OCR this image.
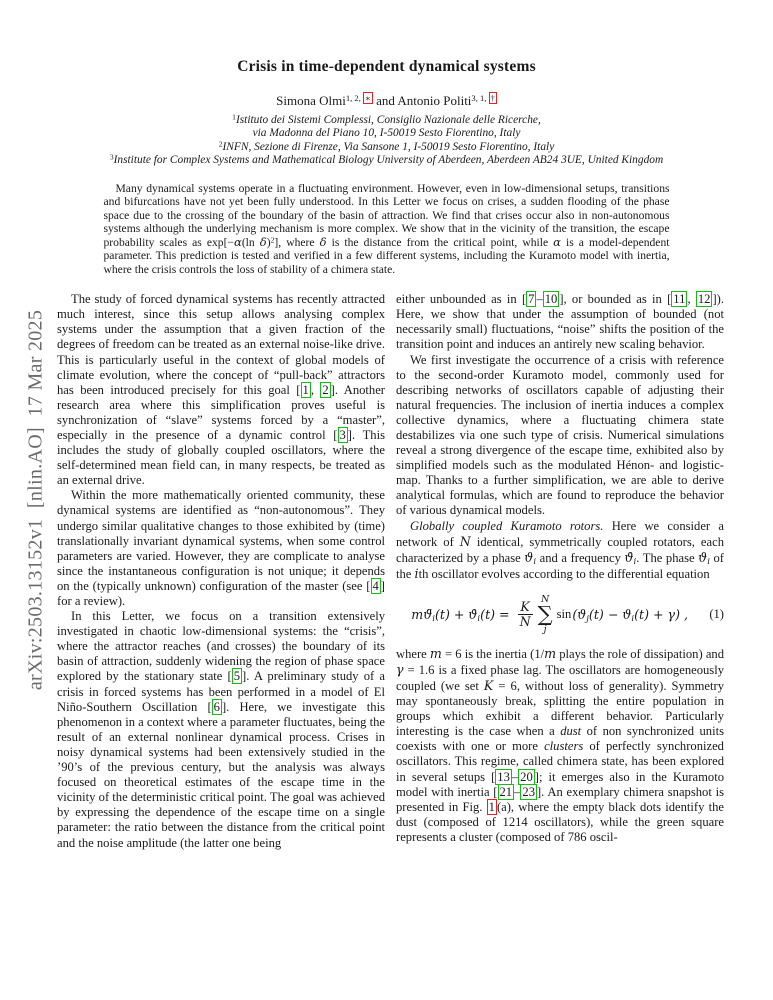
arXiv:2503.13152v1  [nlin.AO]  17 Mar 2025
Crisis in time-dependent dynamical systems
Simona Olmi$^{1, 2,}$ ∗ and Antonio Politi$^{3, 1,}$ †
$^1$Istituto dei Sistemi Complessi, Consiglio Nazionale delle Ricerche,
via Madonna del Piano 10, I-50019 Sesto Fiorentino, Italy
$^2$INFN, Sezione di Firenze, Via Sansone 1, I-50019 Sesto Fiorentino, Italy
$^3$Institute for Complex Systems and Mathematical Biology University of Aberdeen, Aberdeen AB24 3UE, United Kingdom
Many dynamical systems operate in a fluctuating environment. However, even in low-dimensional setups, transitions and bifurcations have not yet been fully understood. In this Letter we focus on crises, a sudden flooding of the phase space due to the crossing of the boundary of the basin of attraction. We find that crises occur also in non-autonomous systems although the underlying mechanism is more complex. We show that in the vicinity of the transition, the escape probability scales as exp[−α(ln δ)$^2$], where δ is the distance from the critical point, while α is a model-dependent parameter. This prediction is tested and verified in a few different systems, including the Kuramoto model with inertia, where the crisis controls the loss of stability of a chimera state.

The study of forced dynamical systems has recently attracted much interest, since this setup allows analysing complex systems under the assumption that a given fraction of the degrees of freedom can be treated as an external noise-like drive. This is particularly useful in the context of global models of climate evolution, where the concept of “pull-back” attractors has been introduced precisely for this goal [ 1 , 2 ]. Another research area where this simplification proves useful is synchronization of “slave” systems forced by a “master”, especially in the presence of a dynamic control [ 3 ]. This includes the study of globally coupled oscillators, where the self-determined mean field can, in many respects, be treated as an external drive.

Within the more mathematically oriented community, these dynamical systems are identified as “non-autonomous”. They undergo similar qualitative changes to those exhibited by (time) translationally invariant dynamical systems, when some control parameters are varied. However, they are complicate to analyse since the instantaneous configuration is not unique; it depends on the (typically unknown) configuration of the master (see [ 4 ] for a review).

In this Letter, we focus on a transition extensively investigated in chaotic low-dimensional systems: the “crisis”, where the attractor reaches (and crosses) the boundary of its basin of attraction, suddenly widening the region of phase space explored by the stationary state [ 5 ]. A preliminary study of a crisis in forced systems has been performed in a model of El Niño-Southern Oscillation [ 6 ]. Here, we investigate this phenomenon in a context where a parameter fluctuates, being the result of an external nonlinear dynamical process. Crises in noisy dynamical systems had been extensively studied in the ’90’s of the previous century, but the analysis was always focused on theoretical estimates of the escape time in the vicinity of the deterministic critical point. The goal was achieved by expressing the dependence of the escape time on a single parameter: the ratio between the distance from the critical point and the noise amplitude (the latter one being

either unbounded as in [ 7 – 10 ], or bounded as in [ 11 , 12 ]). Here, we show that under the assumption of bounded (not necessarily small) fluctuations, “noise” shifts the position of the transition point and induces an antirely new scaling behavior.

We first investigate the occurrence of a crisis with reference to the second-order Kuramoto model, commonly used for describing networks of oscillators capable of adjusting their natural frequencies. The inclusion of inertia induces a complex collective dynamics, where a fluctuating chimera state destabilizes via one such type of crisis. Numerical simulations reveal a strong divergence of the escape time, exhibited also by simplified models such as the modulated Hénon- and logistic-map. Thanks to a further simplification, we are able to derive analytical formulas, which are found to reproduce the behavior of various dynamical models.

Globally coupled Kuramoto rotors. Here we consider a network of N identical, symmetrically coupled rotators, each characterized by a phase ϑi and a frequency ϑ̇i. The phase ϑi of the ith oscillator evolves according to the differential equation

mϑ̈i(t) + ϑ̇i(t) = $\frac{K}{N}$
N
∑
j
sin (ϑj(t) − ϑi(t) + γ) ,	(1)

where m = 6 is the inertia (1/m plays the role of dissipation) and γ = 1.6 is a fixed phase lag. The oscillators are homogeneously coupled (we set K = 6, without loss of generality). Symmetry may spontaneously break, splitting the entire population in groups which exhibit a different behavior. Particularly interesting is the case when a dust of non synchronized units coexists with one or more clusters of perfectly synchronized oscillators. This regime, called chimera state, has been explored in several setups [ 13 – 20 ]; it emerges also in the Kuramoto model with inertia [ 21 – 23 ]. An exemplary chimera snapshot is presented in Fig. 1 (a), where the empty black dots identify the dust (composed of 1214 oscillators), while the green square represents a cluster (composed of 786 oscil-
